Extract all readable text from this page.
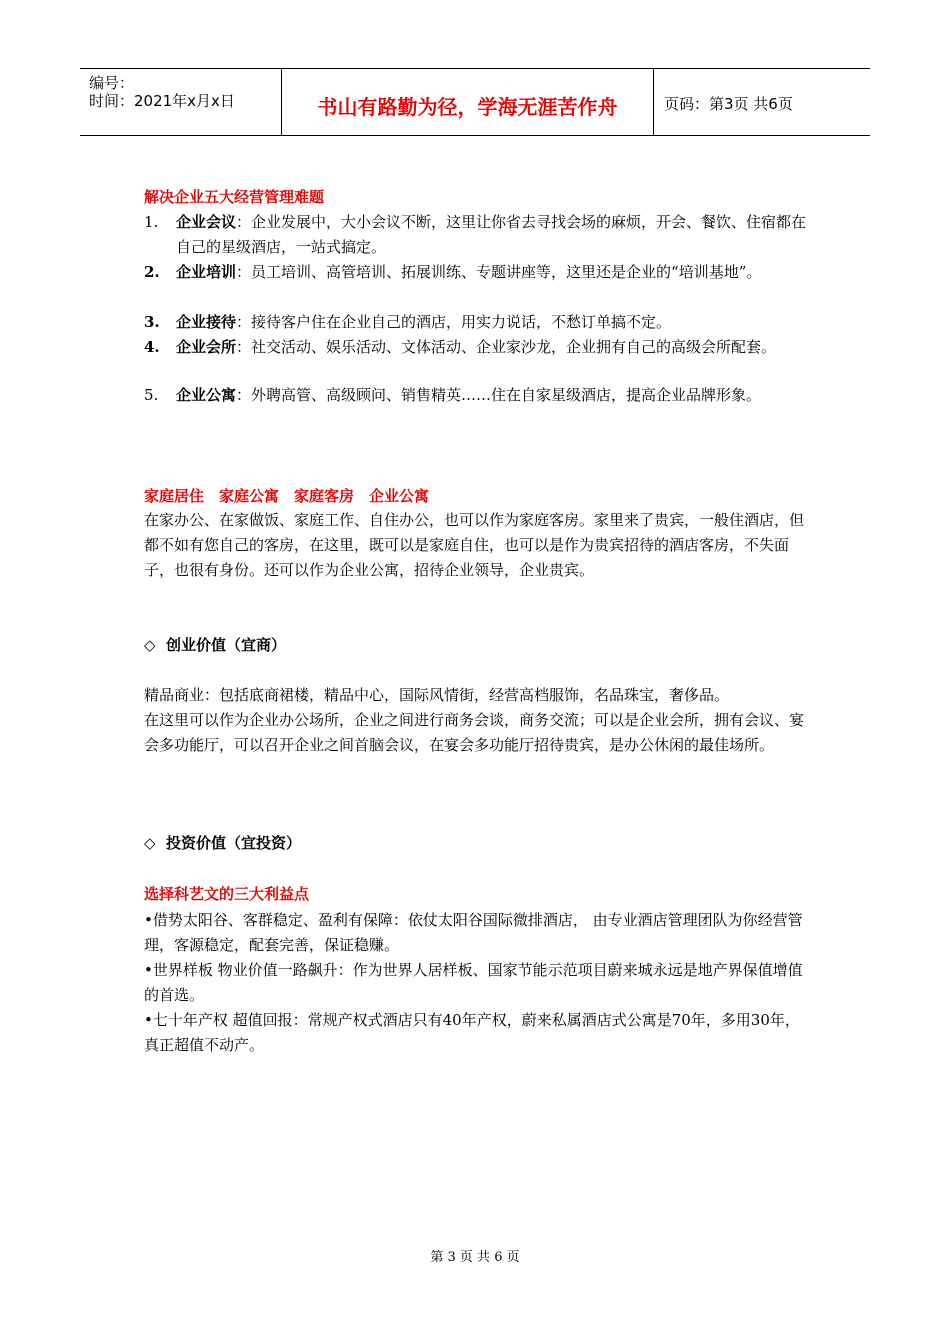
编号：
时间：2021年x月x日	书山有路勤为径，学海无涯苦作舟	页码：第3页 共6页
解决企业五大经营管理难题
1.	企业会议：企业发展中，大小会议不断，这里让你省去寻找会场的麻烦，开会、餐饮、住宿都在自己的星级酒店，一站式搞定。
2.	企业培训：员工培训、高管培训、拓展训练、专题讲座等，这里还是企业的“培训基地”。
3.	企业接待：接待客户住在企业自己的酒店，用实力说话，不愁订单搞不定。
4.	企业会所：社交活动、娱乐活动、文体活动、企业家沙龙，企业拥有自己的高级会所配套。
5.	企业公寓：外聘高管、高级顾问、销售精英……住在自家星级酒店，提高企业品牌形象。
家庭居住　家庭公寓　家庭客房　企业公寓
在家办公、在家做饭、家庭工作、自住办公，也可以作为家庭客房。家里来了贵宾，一般住酒店，但都不如有您自己的客房，在这里，既可以是家庭自住，也可以是作为贵宾招待的酒店客房，不失面子，也很有身份。还可以作为企业公寓，招待企业领导，企业贵宾。
◇ 创业价值（宜商）
精品商业：包括底商裙楼，精品中心，国际风情街，经营高档服饰，名品珠宝，奢侈品。
在这里可以作为企业办公场所，企业之间进行商务会谈，商务交流；可以是企业会所，拥有会议、宴会多功能厅，可以召开企业之间首脑会议，在宴会多功能厅招待贵宾，是办公休闲的最佳场所。
◇ 投资价值（宜投资）
选择科艺文的三大利益点
•借势太阳谷、客群稳定、盈利有保障：依仗太阳谷国际微排酒店， 由专业酒店管理团队为你经营管理，客源稳定，配套完善，保证稳赚。
•世界样板 物业价值一路飙升：作为世界人居样板、国家节能示范项目蔚来城永远是地产界保值增值的首选。
•七十年产权 超值回报：常规产权式酒店只有40年产权，蔚来私属酒店式公寓是70年，多用30年，真正超值不动产。
第 3 页 共 6 页
